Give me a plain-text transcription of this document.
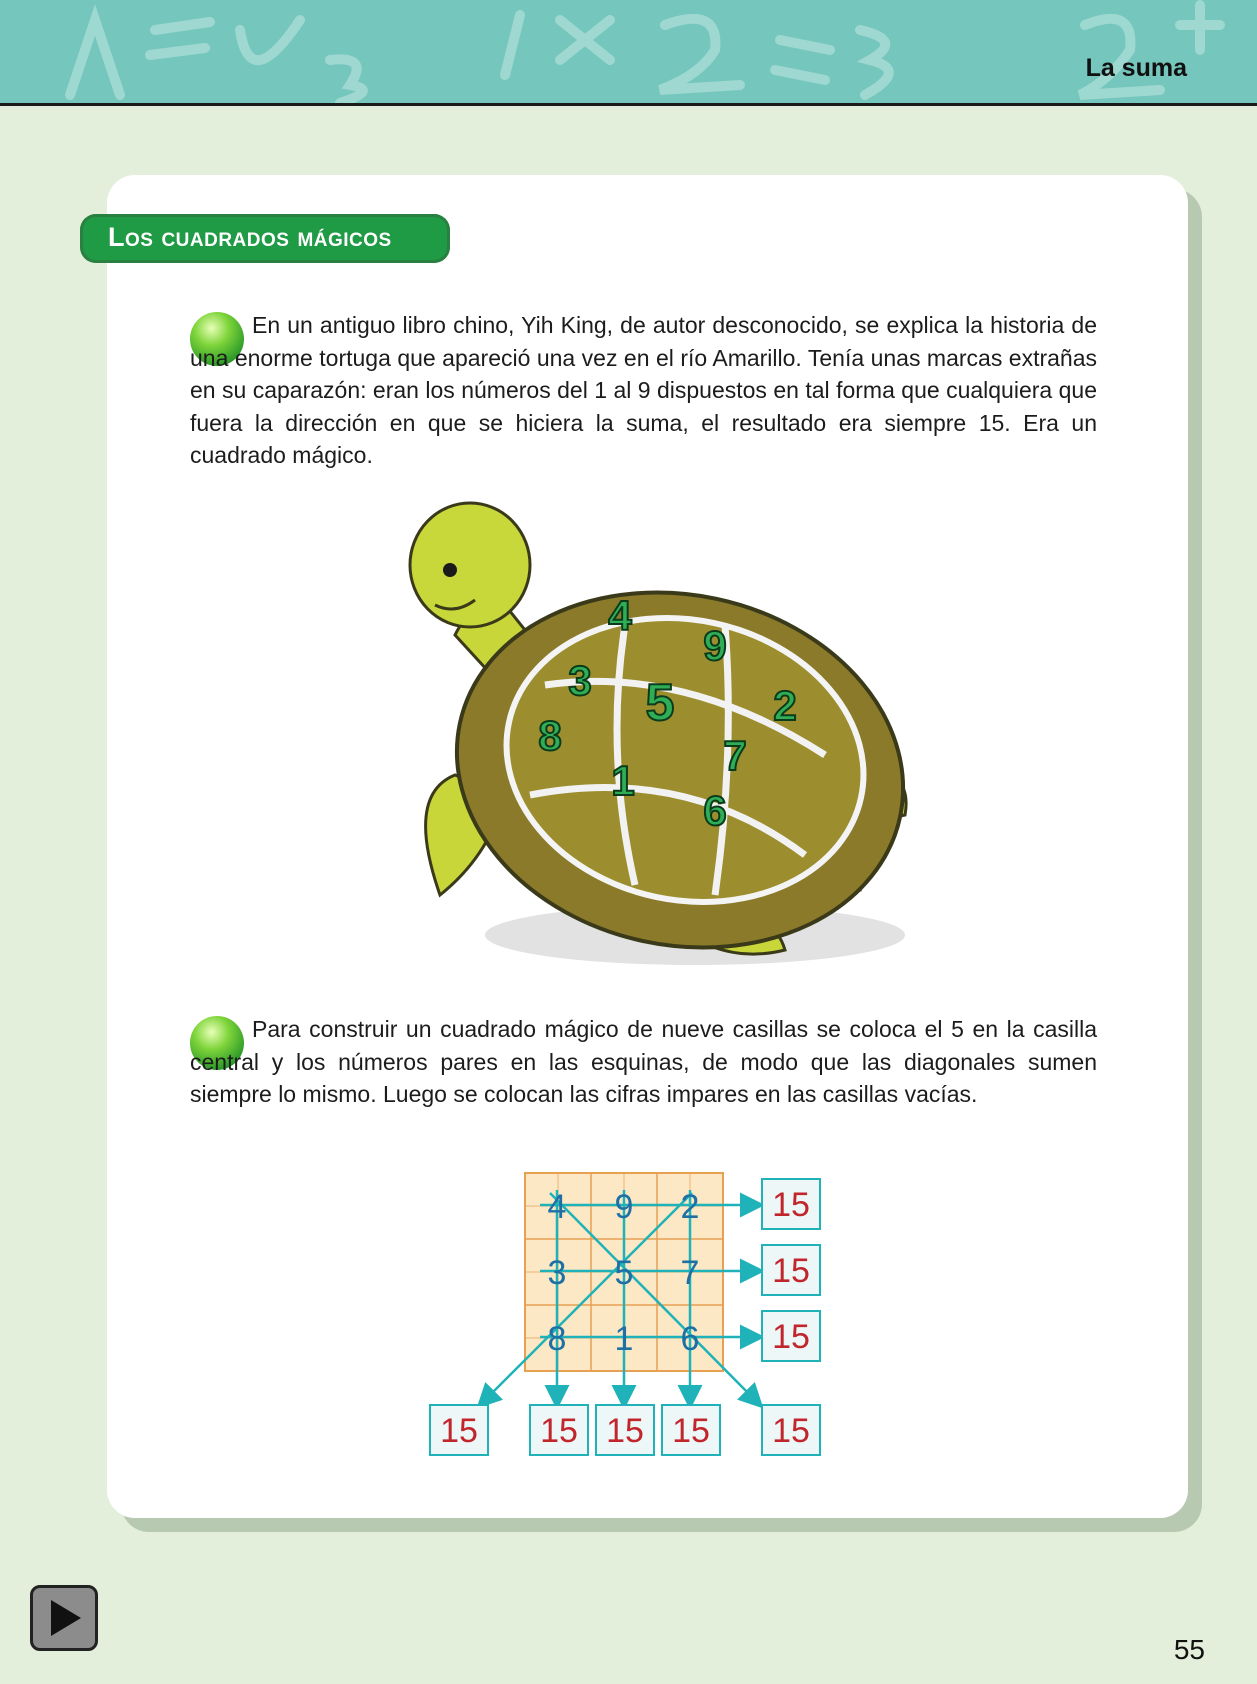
La suma
Los cuadrados mágicos

En un antiguo libro chino, Yih King, de autor desconocido, se explica la historia de una enorme tortuga que apareció una vez en el río Amarillo. Tenía unas marcas extrañas en su caparazón: eran los números del 1 al 9 dispuestos en tal forma que cualquiera que fuera la dirección en que se hiciera la suma, el resultado era siempre 15. Era un cuadrado mágico.

4
9
3 5 2
8	7
1
6

Para construir un cuadrado mágico de nueve casillas se coloca el 5 en la casilla central y los números pares en las esquinas, de modo que las diagonales sumen siempre lo mismo. Luego se colocan las cifras impares en las casillas vacías.

4 9 2
3 5 7
8 1 6
15
15
15
15 15 15 15 15
55
